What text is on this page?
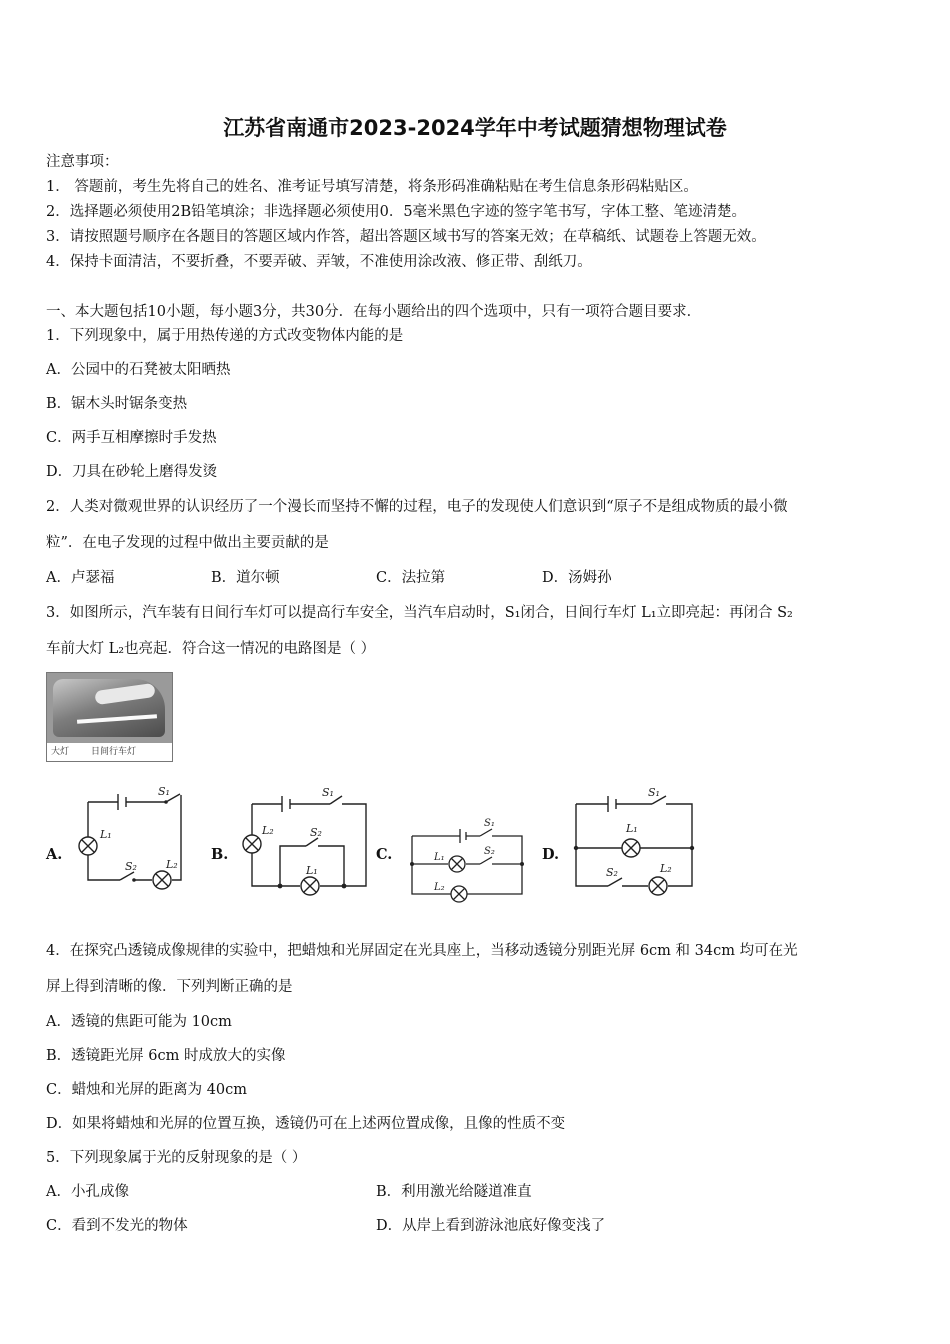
江苏省南通市2023-2024学年中考试题猜想物理试卷
注意事项：
1． 答题前，考生先将自己的姓名、准考证号填写清楚，将条形码准确粘贴在考生信息条形码粘贴区。
2．选择题必须使用2B铅笔填涂；非选择题必须使用0．5毫米黑色字迹的签字笔书写，字体工整、笔迹清楚。
3．请按照题号顺序在各题目的答题区域内作答，超出答题区域书写的答案无效；在草稿纸、试题卷上答题无效。
4．保持卡面清洁，不要折叠，不要弄破、弄皱，不准使用涂改液、修正带、刮纸刀。
一、本大题包括10小题，每小题3分，共30分．在每小题给出的四个选项中，只有一项符合题目要求．
1．下列现象中，属于用热传递的方式改变物体内能的是
A．公园中的石凳被太阳晒热
B．锯木头时锯条变热
C．两手互相摩擦时手发热
D．刀具在砂轮上磨得发烫
2．人类对微观世界的认识经历了一个漫长而坚持不懈的过程，电子的发现使人们意识到“原子不是组成物质的最小微
粒”．在电子发现的过程中做出主要贡献的是
A．卢瑟福	B．道尔顿	C．法拉第	D．汤姆孙
3．如图所示，汽车装有日间行车灯可以提高行车安全，当汽车启动时，S₁闭合，日间行车灯 L₁立即亮起：再闭合 S₂
车前大灯 L₂也亮起．符合这一情况的电路图是（ ）
大灯 日间行车灯
A.	B.	C.	D.
S₁
L₁
S₂	L₂
S₁
L₂	S₂
L₁
S₁
L₁
S₂
L₂
S₁
L₁
S₂	L₂
4．在探究凸透镜成像规律的实验中，把蜡烛和光屏固定在光具座上，当移动透镜分别距光屏 6cm 和 34cm 均可在光
屏上得到清晰的像．下列判断正确的是
A．透镜的焦距可能为 10cm
B．透镜距光屏 6cm 时成放大的实像
C．蜡烛和光屏的距离为 40cm
D．如果将蜡烛和光屏的位置互换，透镜仍可在上述两位置成像，且像的性质不变
5．下列现象属于光的反射现象的是（ ）
A．小孔成像	B．利用激光给隧道准直
C．看到不发光的物体	D．从岸上看到游泳池底好像变浅了
